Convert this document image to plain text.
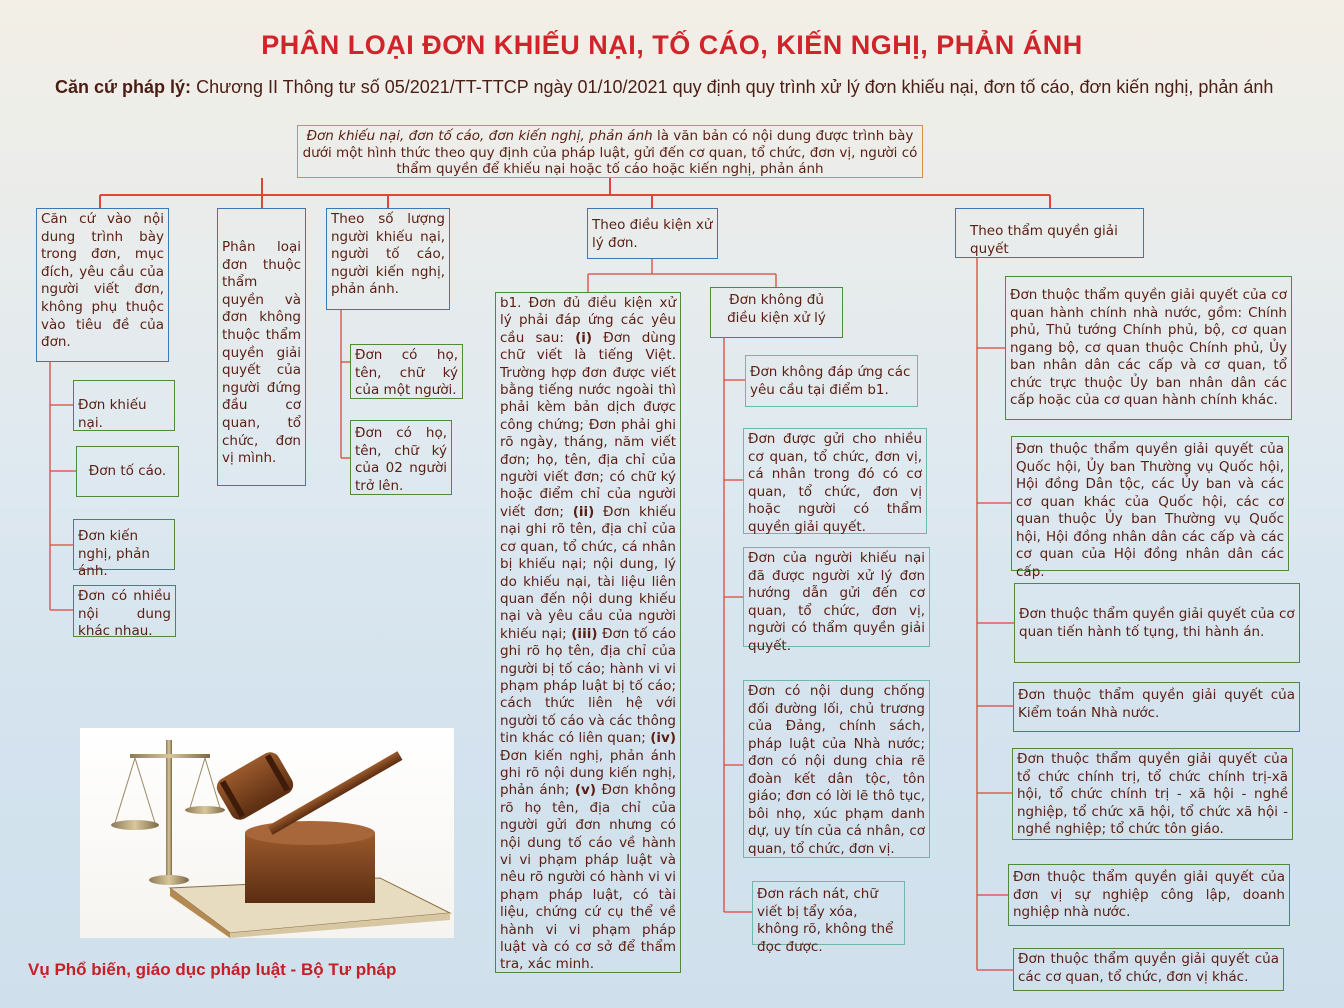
PHÂN LOẠI ĐƠN KHIẾU NẠI, TỐ CÁO, KIẾN NGHỊ, PHẢN ÁNH
Căn cứ pháp lý: Chương II Thông tư số 05/2021/TT-TTCP ngày 01/10/2021 quy định quy trình xử lý đơn khiếu nại, đơn tố cáo, đơn kiến nghị, phản ánh
Đơn khiếu nại, đơn tố cáo, đơn kiến nghị, phản ánh là văn bản có nội dung được trình bày dưới một hình thức theo quy định của pháp luật, gửi đến cơ quan, tổ chức, đơn vị, người có thẩm quyền để khiếu nại hoặc tố cáo hoặc kiến nghị, phản ánh
Căn cứ vào nội dung trình bày trong đơn, mục đích, yêu cầu của người viết đơn, không phụ thuộc vào tiêu đề của đơn.
Đơn khiếu nại.
Đơn tố cáo.
Đơn kiến nghị, phản ánh.
Đơn có nhiều nội dung khác nhau.
Phân loại đơn thuộc thẩm quyền và đơn không thuộc thẩm quyền giải quyết của người đứng đầu cơ quan, tổ chức, đơn vị mình.
Theo số lượng người khiếu nại, người tố cáo, người kiến nghị, phản ánh.
Đơn có họ, tên, chữ ký của một người.
Đơn có họ, tên, chữ ký của 02 người trở lên.
Theo điều kiện xử lý đơn.
b1. Đơn đủ điều kiện xử lý phải đáp ứng các yêu cầu sau: (i) Đơn dùng chữ viết là tiếng Việt. Trường hợp đơn được viết bằng tiếng nước ngoài thì phải kèm bản dịch được công chứng; Đơn phải ghi rõ ngày, tháng, năm viết đơn; họ, tên, địa chỉ của người viết đơn; có chữ ký hoặc điểm chỉ của người viết đơn; (ii) Đơn khiếu nại ghi rõ tên, địa chỉ của cơ quan, tổ chức, cá nhân bị khiếu nại; nội dung, lý do khiếu nại, tài liệu liên quan đến nội dung khiếu nại và yêu cầu của người khiếu nại; (iii) Đơn tố cáo ghi rõ họ tên, địa chỉ của người bị tố cáo; hành vi vi phạm pháp luật bị tố cáo; cách thức liên hệ với người tố cáo và các thông tin khác có liên quan; (iv) Đơn kiến nghị, phản ánh ghi rõ nội dung kiến nghị, phản ánh; (v) Đơn không rõ họ tên, địa chỉ của người gửi đơn nhưng có nội dung tố cáo về hành vi vi phạm pháp luật và nêu rõ người có hành vi vi phạm pháp luật, có tài liệu, chứng cứ cụ thể về hành vi vi phạm pháp luật và có cơ sở để thẩm tra, xác minh.
Đơn không đủ điều kiện xử lý
Đơn không đáp ứng các yêu cầu tại điểm b1.
Đơn được gửi cho nhiều cơ quan, tổ chức, đơn vị, cá nhân trong đó có cơ quan, tổ chức, đơn vị hoặc người có thẩm quyền giải quyết.
Đơn của người khiếu nại đã được người xử lý đơn hướng dẫn gửi đến cơ quan, tổ chức, đơn vị, người có thẩm quyền giải quyết.
Đơn có nội dung chống đối đường lối, chủ trương của Đảng, chính sách, pháp luật của Nhà nước; đơn có nội dung chia rẽ đoàn kết dân tộc, tôn giáo; đơn có lời lẽ thô tục, bôi nhọ, xúc phạm danh dự, uy tín của cá nhân, cơ quan, tổ chức, đơn vị.
Đơn rách nát, chữ viết bị tẩy xóa, không rõ, không thể đọc được.
Theo thẩm quyền giải quyết
Đơn thuộc thẩm quyền giải quyết của cơ quan hành chính nhà nước, gồm: Chính phủ, Thủ tướng Chính phủ, bộ, cơ quan ngang bộ, cơ quan thuộc Chính phủ, Ủy ban nhân dân các cấp và cơ quan, tổ chức trực thuộc Ủy ban nhân dân các cấp hoặc của cơ quan hành chính khác.
Đơn thuộc thẩm quyền giải quyết của Quốc hội, Ủy ban Thường vụ Quốc hội, Hội đồng Dân tộc, các Ủy ban và các cơ quan khác của Quốc hội, các cơ quan thuộc Ủy ban Thường vụ Quốc hội, Hội đồng nhân dân các cấp và các cơ quan của Hội đồng nhân dân các cấp.
Đơn thuộc thẩm quyền giải quyết của cơ quan tiến hành tố tụng, thi hành án.
Đơn thuộc thẩm quyền giải quyết của Kiểm toán Nhà nước.
Đơn thuộc thẩm quyền giải quyết của tổ chức chính trị, tổ chức chính trị-xã hội, tổ chức chính trị - xã hội - nghề nghiệp, tổ chức xã hội, tổ chức xã hội - nghề nghiệp; tổ chức tôn giáo.
Đơn thuộc thẩm quyền giải quyết của đơn vị sự nghiệp công lập, doanh nghiệp nhà nước.
Đơn thuộc thẩm quyền giải quyết của các cơ quan, tổ chức, đơn vị khác.
Vụ Phổ biến, giáo dục pháp luật - Bộ Tư pháp
